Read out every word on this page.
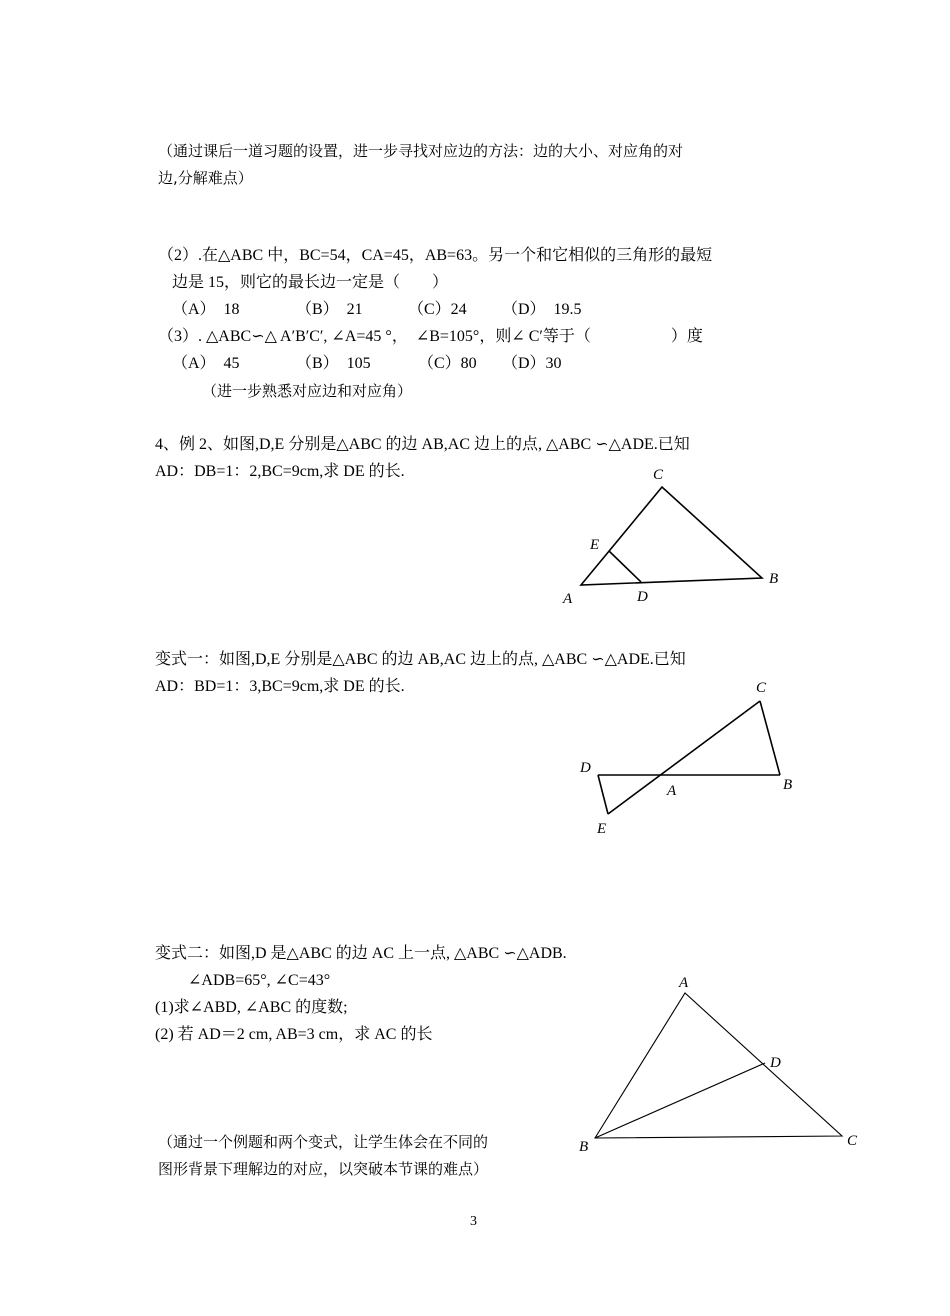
（通过课后一道习题的设置，进一步寻找对应边的方法：边的大小、对应角的对
边,分解难点）
（2）.在△ABC 中，BC=54，CA=45，AB=63。另一个和它相似的三角形的最短
边是 15，则它的最长边一定是（　　）
（A）　18	（B）　21	（C）24 （D）　19.5
（3）. △ABC∽△ A′B′C′, ∠A=45 °，　∠B=105°，则∠ C′等于（　　　　　）度
（A）　45	（B）　105	（C）80 （D）30
（进一步熟悉对应边和对应角）
4、例 2、如图,D,E 分别是△ABC 的边 AB,AC 边上的点, △ABC ∽△ADE.已知
AD：DB=1：2,BC=9cm,求 DE 的长.
变式一：如图,D,E 分别是△ABC 的边 AB,AC 边上的点, △ABC ∽△ADE.已知
AD：BD=1：3,BC=9cm,求 DE 的长.
变式二：如图,D 是△ABC 的边 AC 上一点, △ABC ∽△ADB.
∠ADB=65°, ∠C=43°
(1)求∠ABD, ∠ABC 的度数;
(2) 若 AD＝2 cm, AB=3 cm，求 AC 的长
（通过一个例题和两个变式，让学生体会在不同的
图形背景下理解边的对应，以突破本节课的难点）
3
C
E
A	D
B
C
D
A	B
E
A
D
B	C
